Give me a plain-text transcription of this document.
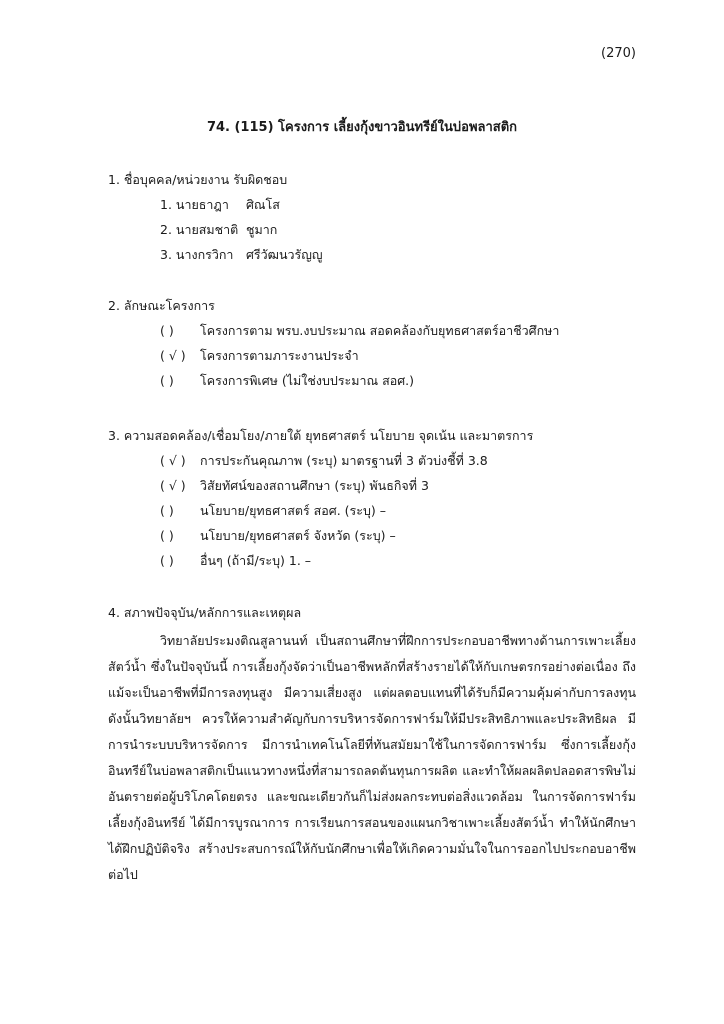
(270)
74. (115) โครงการ เลี้ยงกุ้งขาวอินทรีย์ในบ่อพลาสติก
1. ชื่อบุคคล/หน่วยงาน รับผิดชอบ
1. นายธาฎา ศิณโส
2. นายสมชาติ ชูมาก
3. นางกรวิกา ศรีวัฒนวรัญญู
2. ลักษณะโครงการ
( ) โครงการตาม พรบ.งบประมาณ สอดคล้องกับยุทธศาสตร์อาชีวศึกษา
( √ ) โครงการตามภาระงานประจำ
( ) โครงการพิเศษ (ไม่ใช่งบประมาณ สอศ.)
3. ความสอดคล้อง/เชื่อมโยง/ภายใต้ ยุทธศาสตร์ นโยบาย จุดเน้น และมาตรการ
( √ ) การประกันคุณภาพ (ระบุ) มาตรฐานที่ 3 ตัวบ่งชี้ที่ 3.8
( √ ) วิสัยทัศน์ของสถานศึกษา (ระบุ) พันธกิจที่ 3
( ) นโยบาย/ยุทธศาสตร์ สอศ. (ระบุ) –
( ) นโยบาย/ยุทธศาสตร์ จังหวัด (ระบุ) –
( ) อื่นๆ (ถ้ามี/ระบุ) 1. –
4. สภาพปัจจุบัน/หลักการและเหตุผล
วิทยาลัยประมงติณสูลานนท์ เป็นสถานศึกษาที่ฝึกการประกอบอาชีพทางด้านการเพาะเลี้ยงสัตว์น้ำ ซึ่งในปัจจุบันนี้ การเลี้ยงกุ้งจัดว่าเป็นอาชีพหลักที่สร้างรายได้ให้กับเกษตรกรอย่างต่อเนื่อง ถึงแม้จะเป็นอาชีพที่มีการลงทุนสูง มีความเสี่ยงสูง แต่ผลตอบแทนที่ได้รับก็มีความคุ้มค่ากับการลงทุน ดังนั้นวิทยาลัยฯ ควรให้ความสำคัญกับการบริหารจัดการฟาร์มให้มีประสิทธิภาพและประสิทธิผล มีการนำระบบบริหารจัดการ มีการนำเทคโนโลยีที่ทันสมัยมาใช้ในการจัดการฟาร์ม ซึ่งการเลี้ยงกุ้งอินทรีย์ในบ่อพลาสติกเป็นแนวทางหนึ่งที่สามารถลดต้นทุนการผลิต และทำให้ผลผลิตปลอดสารพิษไม่อันตรายต่อผู้บริโภคโดยตรง และขณะเดียวกันก็ไม่ส่งผลกระทบต่อสิ่งแวดล้อม ในการจัดการฟาร์มเลี้ยงกุ้งอินทรีย์ ได้มีการบูรณาการ การเรียนการสอนของแผนกวิชาเพาะเลี้ยงสัตว์น้ำ ทำให้นักศึกษาได้ฝึกปฏิบัติจริง สร้างประสบการณ์ให้กับนักศึกษาเพื่อให้เกิดความมั่นใจในการออกไปประกอบอาชีพต่อไป
